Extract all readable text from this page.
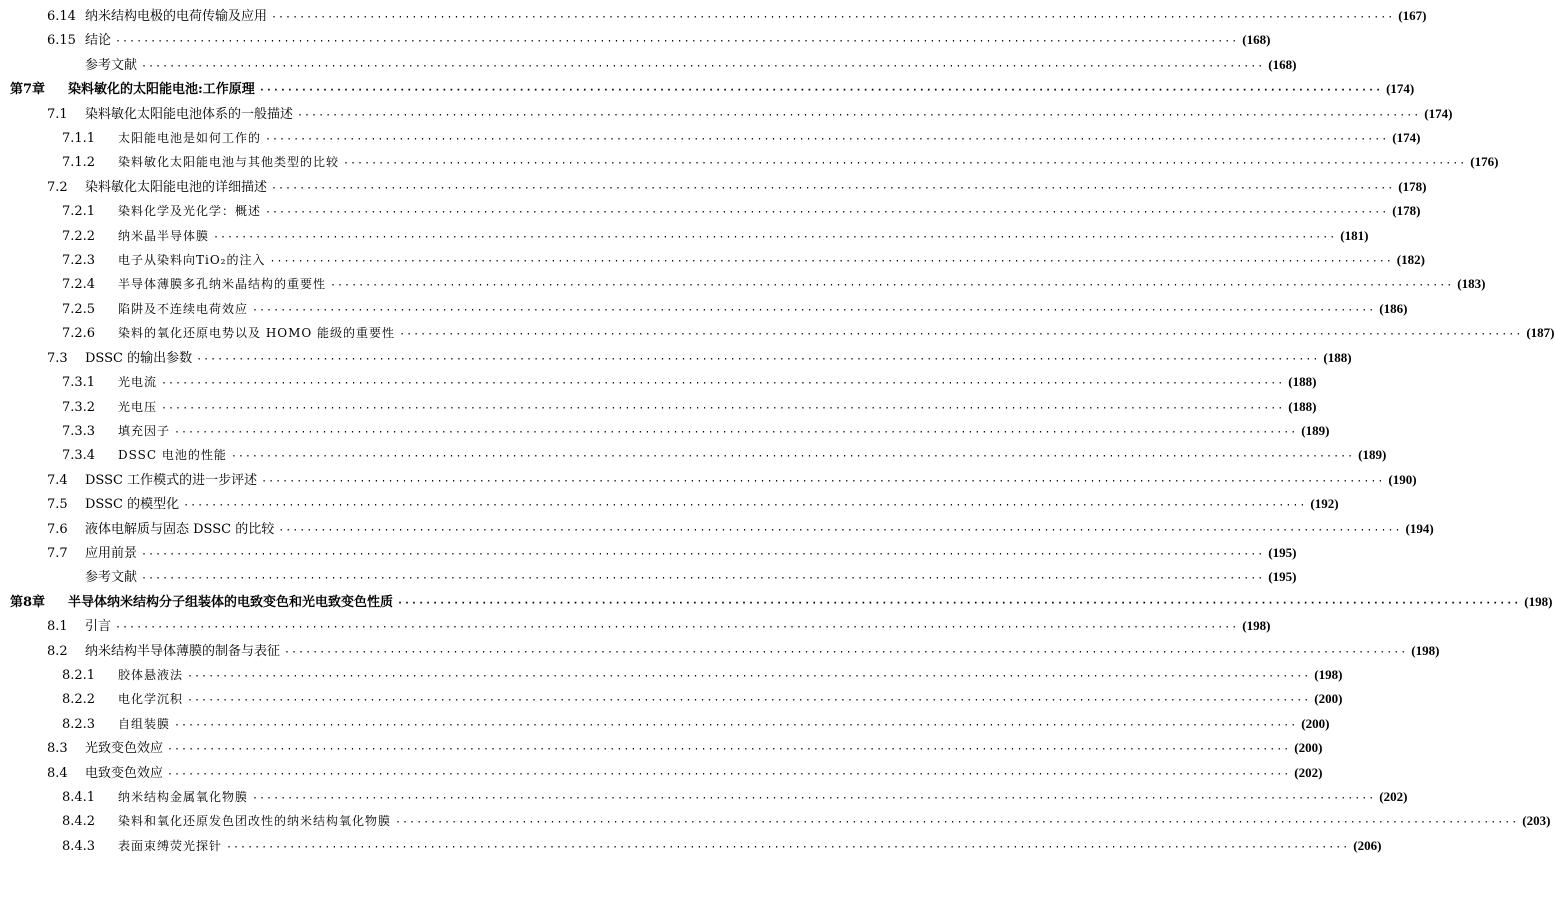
6.14 纳米结构电极的电荷传输及应用 ································································································································································ (167)
6.15 结论 ································································································································································ (168)
参考文献 ································································································································································ (168)
第7章	染料敏化的太阳能电池:工作原理 ································································································································································ (174)
7.1	染料敏化太阳能电池体系的一般描述 ································································································································································ (174)
7.1.1	太阳能电池是如何工作的 ································································································································································ (174)
7.1.2	染料敏化太阳能电池与其他类型的比较 ································································································································································ (176)
7.2	染料敏化太阳能电池的详细描述 ································································································································································ (178)
7.2.1	染料化学及光化学：概述 ································································································································································ (178)
7.2.2	纳米晶半导体膜 ································································································································································ (181)
7.2.3	电子从染料向TiO₂的注入 ································································································································································ (182)
7.2.4	半导体薄膜多孔纳米晶结构的重要性 ································································································································································ (183)
7.2.5	陷阱及不连续电荷效应 ································································································································································ (186)
7.2.6	染料的氧化还原电势以及 HOMO 能级的重要性 ································································································································································ (187)
7.3	DSSC 的输出参数 ································································································································································ (188)
7.3.1	光电流 ································································································································································ (188)
7.3.2	光电压 ································································································································································ (188)
7.3.3	填充因子 ································································································································································ (189)
7.3.4	DSSC 电池的性能 ································································································································································ (189)
7.4	DSSC 工作模式的进一步评述 ································································································································································ (190)
7.5	DSSC 的模型化 ································································································································································ (192)
7.6	液体电解质与固态 DSSC 的比较 ································································································································································ (194)
7.7	应用前景 ································································································································································ (195)
参考文献 ································································································································································ (195)
第8章	半导体纳米结构分子组装体的电致变色和光电致变色性质 ································································································································································ (198)
8.1	引言 ································································································································································ (198)
8.2	纳米结构半导体薄膜的制备与表征 ································································································································································ (198)
8.2.1	胶体悬液法 ································································································································································ (198)
8.2.2	电化学沉积 ································································································································································ (200)
8.2.3	自组装膜 ································································································································································ (200)
8.3	光致变色效应 ································································································································································ (200)
8.4	电致变色效应 ································································································································································ (202)
8.4.1	纳米结构金属氧化物膜 ································································································································································ (202)
8.4.2	染料和氧化还原发色团改性的纳米结构氧化物膜 ································································································································································ (203)
8.4.3	表面束缚荧光探针 ································································································································································ (206)
